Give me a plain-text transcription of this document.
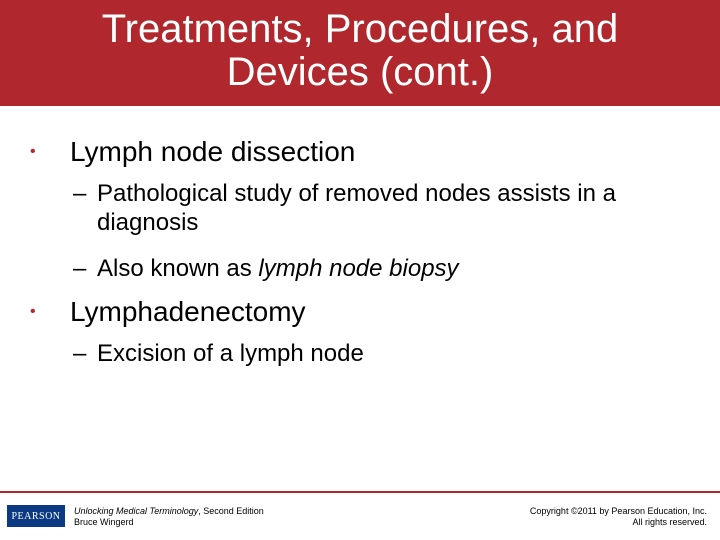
Treatments, Procedures, and
Devices (cont.)
•	Lymph node dissection
– Pathological study of removed nodes assists in a diagnosis
– Also known as lymph node biopsy
•	Lymphadenectomy
– Excision of a lymph node
PEARSON	Unlocking Medical Terminology, Second Edition
Bruce Wingerd
Copyright ©2011 by Pearson Education, Inc.
All rights reserved.
